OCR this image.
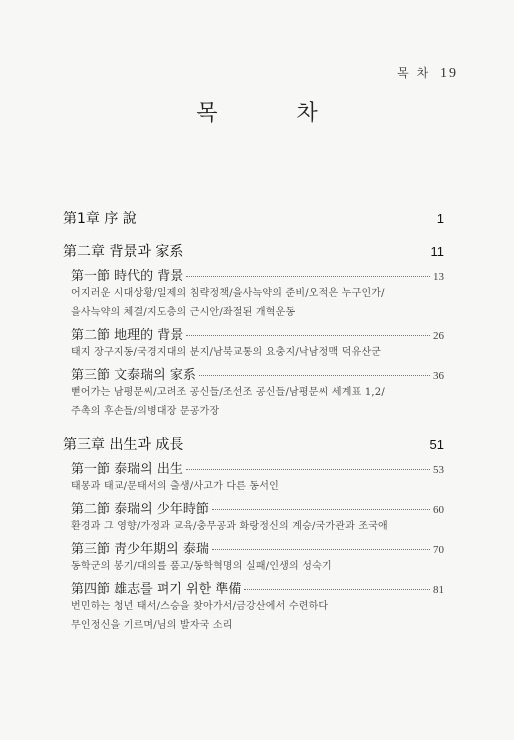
목 차 19
목 차
第1章 序 說	1
第二章 背景과 家系	11
第一節 時代的 背景	13
어지러운 시대상황/일제의 침략정책/을사늑약의 준비/오적은 누구인가/
을사늑약의 체결/지도층의 근시안/좌절된 개혁운동
第二節 地理的 背景	26
태지 장구지동/국경지대의 분지/남북교통의 요충지/낙남정맥 덕유산군
第三節 文泰瑞의 家系	36
뻗어가는 남평문씨/고려조 공신들/조선조 공신들/남평문씨 세계표 1,2/
주촉의 후손들/의병대장 문공가장
第三章 出生과 成長	51
第一節 泰瑞의 出生	53
태몽과 태교/문태서의 출생/사고가 다른 동서인
第二節 泰瑞의 少年時節	60
환경과 그 영향/가정과 교육/충무공과 화랑정신의 계승/국가관과 조국애
第三節 靑少年期의 泰瑞	70
동학군의 봉기/대의를 품고/동학혁명의 실패/인생의 성숙기
第四節 雄志를 펴기 위한 準備	81
번민하는 청년 태서/스승을 찾아가서/금강산에서 수련하다
무인정신을 기르며/님의 발자국 소리
